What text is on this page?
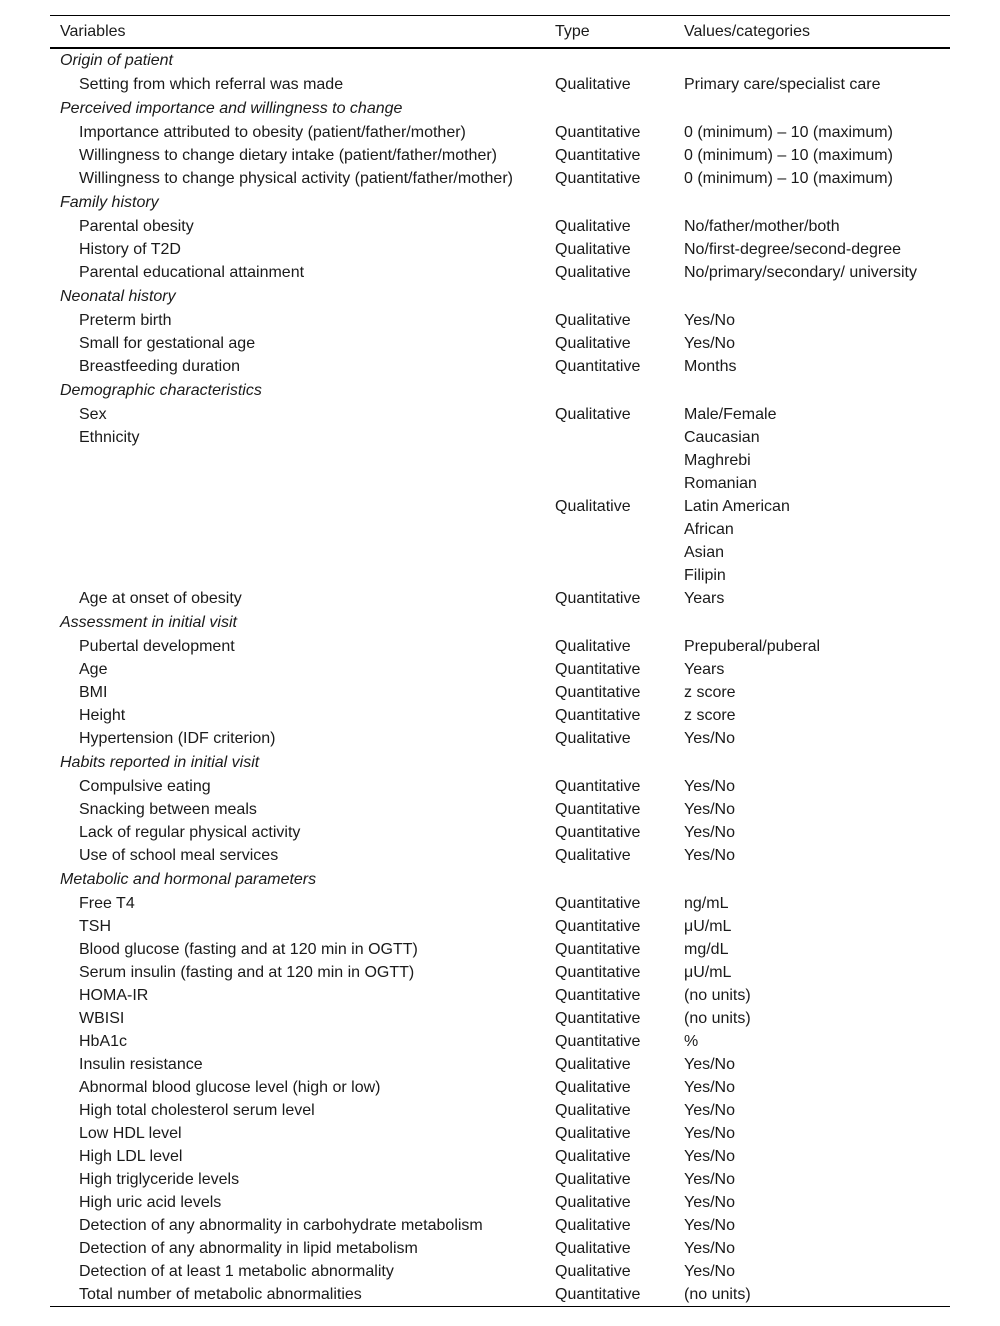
Variables	Type	Values/categories
Origin of patient		
Setting from which referral was made	Qualitative	Primary care/specialist care
Perceived importance and willingness to change		
Importance attributed to obesity (patient/father/mother)	Quantitative	0 (minimum) – 10 (maximum)
Willingness to change dietary intake (patient/father/mother)	Quantitative	0 (minimum) – 10 (maximum)
Willingness to change physical activity (patient/father/mother)	Quantitative	0 (minimum) – 10 (maximum)
Family history		
Parental obesity	Qualitative	No/father/mother/both
History of T2D	Qualitative	No/first-degree/second-degree
Parental educational attainment	Qualitative	No/primary/secondary/ university
Neonatal history		
Preterm birth	Qualitative	Yes/No
Small for gestational age	Qualitative	Yes/No
Breastfeeding duration	Quantitative	Months
Demographic characteristics		
Sex	Qualitative	Male/Female
Ethnicity		Caucasian
		Maghrebi
		Romanian
	Qualitative	Latin American
		African
		Asian
		Filipin
Age at onset of obesity	Quantitative	Years
Assessment in initial visit		
Pubertal development	Qualitative	Prepuberal/puberal
Age	Quantitative	Years
BMI	Quantitative	z score
Height	Quantitative	z score
Hypertension (IDF criterion)	Qualitative	Yes/No
Habits reported in initial visit		
Compulsive eating	Quantitative	Yes/No
Snacking between meals	Quantitative	Yes/No
Lack of regular physical activity	Quantitative	Yes/No
Use of school meal services	Qualitative	Yes/No
Metabolic and hormonal parameters		
Free T4	Quantitative	ng/mL
TSH	Quantitative	μU/mL
Blood glucose (fasting and at 120 min in OGTT)	Quantitative	mg/dL
Serum insulin (fasting and at 120 min in OGTT)	Quantitative	μU/mL
HOMA-IR	Quantitative	(no units)
WBISI	Quantitative	(no units)
HbA1c	Quantitative	%
Insulin resistance	Qualitative	Yes/No
Abnormal blood glucose level (high or low)	Qualitative	Yes/No
High total cholesterol serum level	Qualitative	Yes/No
Low HDL level	Qualitative	Yes/No
High LDL level	Qualitative	Yes/No
High triglyceride levels	Qualitative	Yes/No
High uric acid levels	Qualitative	Yes/No
Detection of any abnormality in carbohydrate metabolism	Qualitative	Yes/No
Detection of any abnormality in lipid metabolism	Qualitative	Yes/No
Detection of at least 1 metabolic abnormality	Qualitative	Yes/No
Total number of metabolic abnormalities	Quantitative	(no units)
